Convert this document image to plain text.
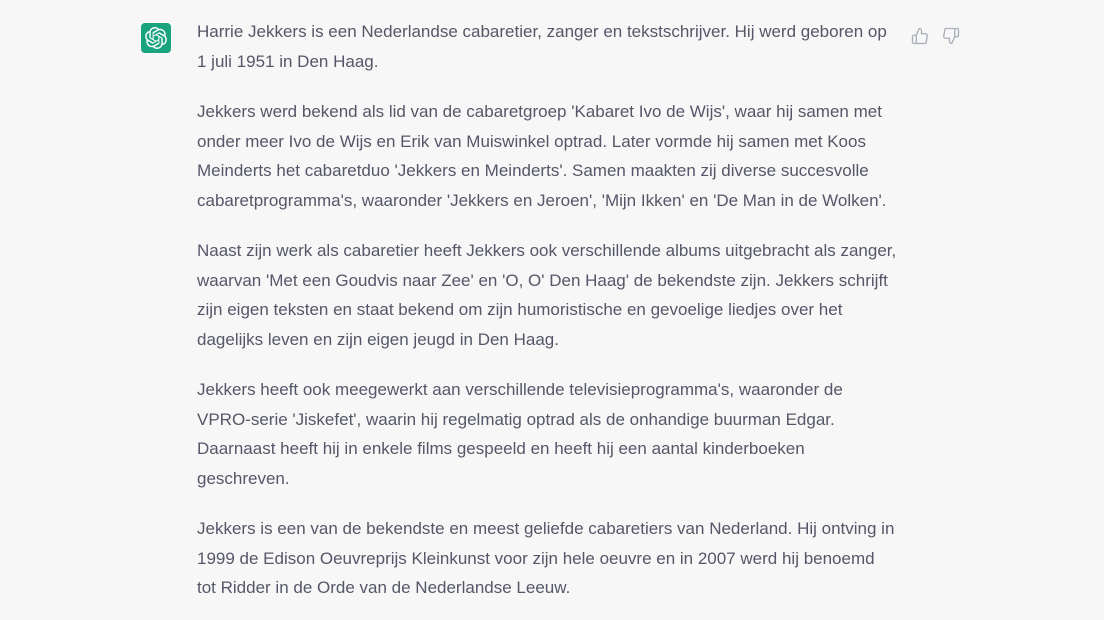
Harrie Jekkers is een Nederlandse cabaretier, zanger en tekstschrijver. Hij werd geboren op 1 juli 1951 in Den Haag.

Jekkers werd bekend als lid van de cabaretgroep 'Kabaret Ivo de Wijs', waar hij samen met onder meer Ivo de Wijs en Erik van Muiswinkel optrad. Later vormde hij samen met Koos Meinderts het cabaretduo 'Jekkers en Meinderts'. Samen maakten zij diverse succesvolle cabaretprogramma's, waaronder 'Jekkers en Jeroen', 'Mijn Ikken' en 'De Man in de Wolken'.

Naast zijn werk als cabaretier heeft Jekkers ook verschillende albums uitgebracht als zanger, waarvan 'Met een Goudvis naar Zee' en 'O, O' Den Haag' de bekendste zijn. Jekkers schrijft zijn eigen teksten en staat bekend om zijn humoristische en gevoelige liedjes over het dagelijks leven en zijn eigen jeugd in Den Haag.

Jekkers heeft ook meegewerkt aan verschillende televisieprogramma's, waaronder de VPRO-serie 'Jiskefet', waarin hij regelmatig optrad als de onhandige buurman Edgar. Daarnaast heeft hij in enkele films gespeeld en heeft hij een aantal kinderboeken geschreven.

Jekkers is een van de bekendste en meest geliefde cabaretiers van Nederland. Hij ontving in 1999 de Edison Oeuvreprijs Kleinkunst voor zijn hele oeuvre en in 2007 werd hij benoemd tot Ridder in de Orde van de Nederlandse Leeuw.
